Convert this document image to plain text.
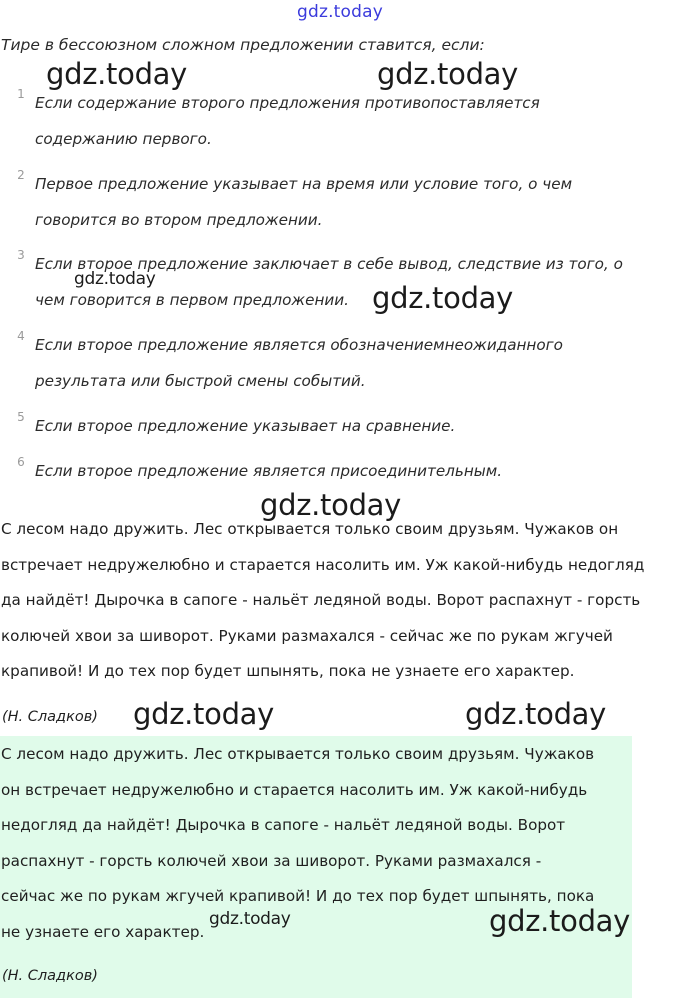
gdz.today
Тире в бессоюзном сложном предложении ставится, если:
1 Если содержание второго предложения противопоставляется
содержанию первого.
2 Первое предложение указывает на время или условие того, о чем
говорится во втором предложении.
3 Если второе предложение заключает в себе вывод, следствие из того, о
чем говорится в первом предложении.
4 Если второе предложение является обозначениемнеожиданного
результата или быстрой смены событий.
5 Если второе предложение указывает на сравнение.
6 Если второе предложение является присоединительным.
С лесом надо дружить. Лес открывается только своим друзьям. Чужаков он
встречает недружелюбно и старается насолить им. Уж какой-нибудь недогляд
да найдёт! Дырочка в сапоге - нальёт ледяной воды. Ворот распахнут - горсть
колючей хвои за шиворот. Руками размахался - сейчас же по рукам жгучей
крапивой! И до тех пор будет шпынять, пока не узнаете его характер.
(Н. Сладков)
С лесом надо дружить. Лес открывается только своим друзьям. Чужаков
он встречает недружелюбно и старается насолить им. Уж какой-нибудь
недогляд да найдёт! Дырочка в сапоге - нальёт ледяной воды. Ворот
распахнут - горсть колючей хвои за шиворот. Руками размахался -
сейчас же по рукам жгучей крапивой! И до тех пор будет шпынять, пока
не узнаете его характер.
(Н. Сладков)
gdz.today	gdz.today
gdz.today
gdz.today
gdz.today
gdz.today	gdz.today
gdz.today	gdz.today
